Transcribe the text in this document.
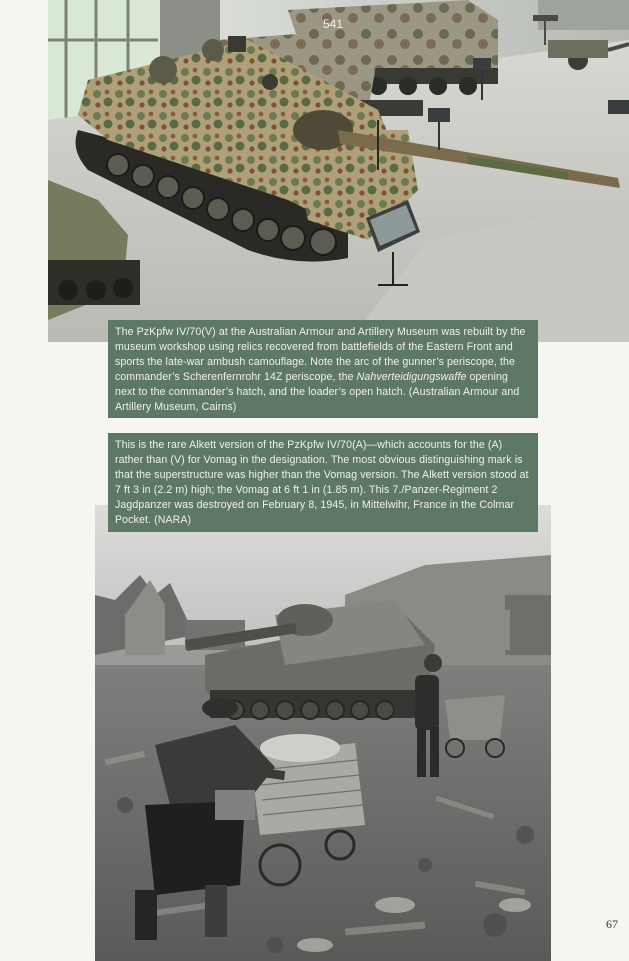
541
The PzKpfw IV/70(V) at the Australian Armour and Artillery Museum was rebuilt by the museum workshop using relics recovered from battlefields of the Eastern Front and sports the late-war ambush camouflage. Note the arc of the gunner’s periscope, the commander’s Scherenfernrohr 14Z periscope, the Nahverteidigungswaffe opening next to the commander’s hatch, and the loader’s open hatch. (Australian Armour and Artillery Museum, Cairns)
This is the rare Alkett version of the PzKpfw IV/70(A)—which accounts for the (A) rather than (V) for Vomag in the designation. The most obvious distinguishing mark is that the superstructure was higher than the Vomag version. The Alkett version stood at 7 ft 3 in (2.2 m) high; the Vomag at 6 ft 1 in (1.85 m). This 7./Panzer-Regiment 2 Jagdpanzer was destroyed on February 8, 1945, in Mittelwihr, France in the Colmar Pocket. (NARA)
67
